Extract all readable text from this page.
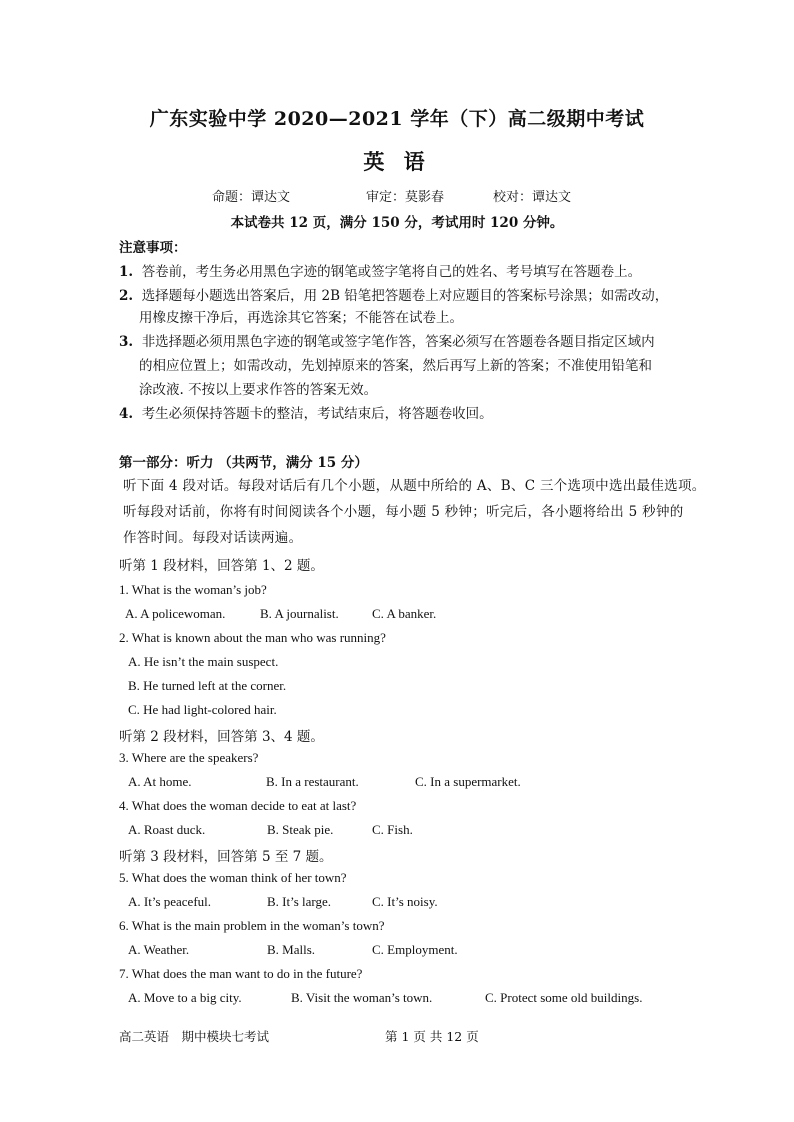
广东实验中学 2020—2021 学年（下）高二级期中考试
英 语
命题：谭达文	审定：莫影春	校对：谭达文
本试卷共 12 页，满分 150 分，考试用时 120 分钟。
注意事项：
1. 答卷前，考生务必用黑色字迹的钢笔或签字笔将自己的姓名、考号填写在答题卷上。
2. 选择题每小题选出答案后，用 2B 铅笔把答题卷上对应题目的答案标号涂黑；如需改动，
用橡皮擦干净后，再选涂其它答案；不能答在试卷上。
3. 非选择题必须用黑色字迹的钢笔或签字笔作答，答案必须写在答题卷各题目指定区域内
的相应位置上；如需改动，先划掉原来的答案，然后再写上新的答案；不准使用铅笔和
涂改液. 不按以上要求作答的答案无效。
4. 考生必须保持答题卡的整洁，考试结束后，将答题卷收回。
第一部分：听力 （共两节，满分 15 分）
听下面 4 段对话。每段对话后有几个小题，从题中所给的 A、B、C 三个选项中选出最佳选项。
听每段对话前，你将有时间阅读各个小题，每小题 5 秒钟；听完后，各小题将给出 5 秒钟的
作答时间。每段对话读两遍。
听第 1 段材料，回答第 1、2 题。
1. What is the woman’s job?
A. A policewoman.	B. A journalist.	C. A banker.
2. What is known about the man who was running?
A. He isn’t the main suspect.
B. He turned left at the corner.
C. He had light-colored hair.
听第 2 段材料，回答第 3、4 题。
3. Where are the speakers?
A. At home.	B. In a restaurant.	C. In a supermarket.
4. What does the woman decide to eat at last?
A. Roast duck.	B. Steak pie.	C. Fish.
听第 3 段材料，回答第 5 至 7 题。
5. What does the woman think of her town?
A. It’s peaceful.	B. It’s large.	C. It’s noisy.
6. What is the main problem in the woman’s town?
A. Weather.	B. Malls.	C. Employment.
7. What does the man want to do in the future?
A. Move to a big city.	B. Visit the woman’s town.	C. Protect some old buildings.
高二英语　期中模块七考试	第 1 页 共 12 页
